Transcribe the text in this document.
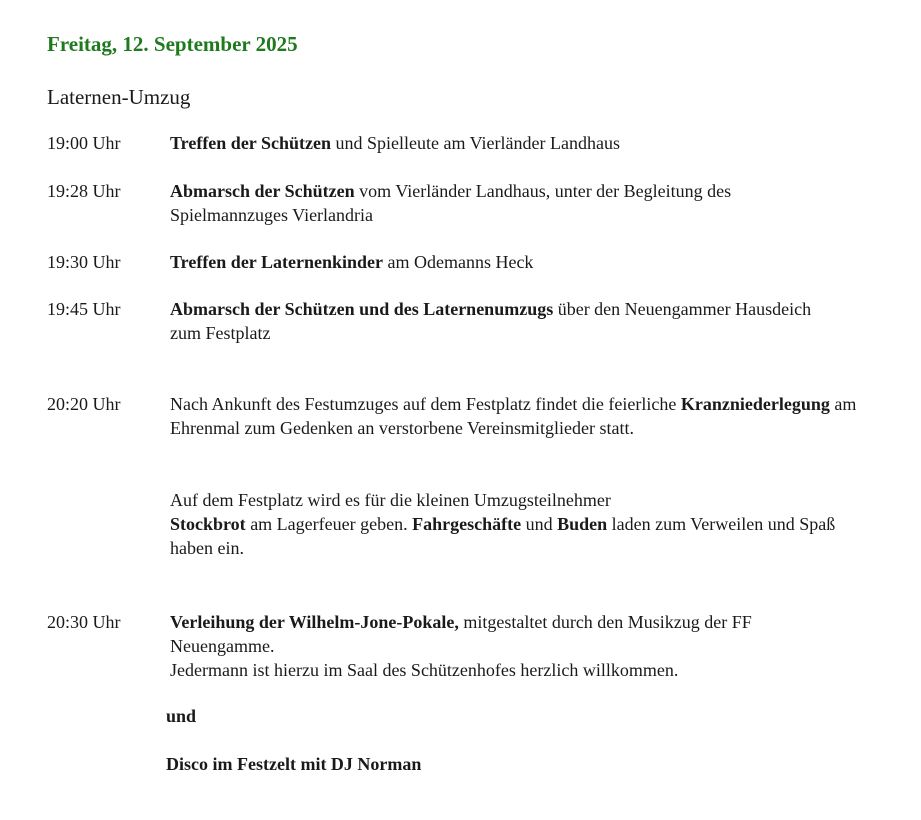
Freitag, 12. September 2025
Laternen-Umzug
19:00 Uhr	Treffen der Schützen und Spielleute am Vierländer Landhaus
19:28 Uhr	Abmarsch der Schützen vom Vierländer Landhaus, unter der Begleitung des Spielmannzuges Vierlandria
19:30 Uhr	Treffen der Laternenkinder am Odemanns Heck
19:45 Uhr	Abmarsch der Schützen und des Laternenumzugs über den Neuengammer Hausdeich zum Festplatz
20:20 Uhr	Nach Ankunft des Festumzuges auf dem Festplatz findet die feierliche Kranzniederlegung am Ehrenmal zum Gedenken an verstorbene Vereinsmitglieder statt.

Auf dem Festplatz wird es für die kleinen Umzugsteilnehmer
Stockbrot am Lagerfeuer geben. Fahrgeschäfte und Buden laden zum Verweilen und Spaß haben ein.

20:30 Uhr	Verleihung der Wilhelm-Jone-Pokale, mitgestaltet durch den Musikzug der FF Neuengamme.
Jedermann ist hierzu im Saal des Schützenhofes herzlich willkommen.
und
Disco im Festzelt mit DJ Norman
